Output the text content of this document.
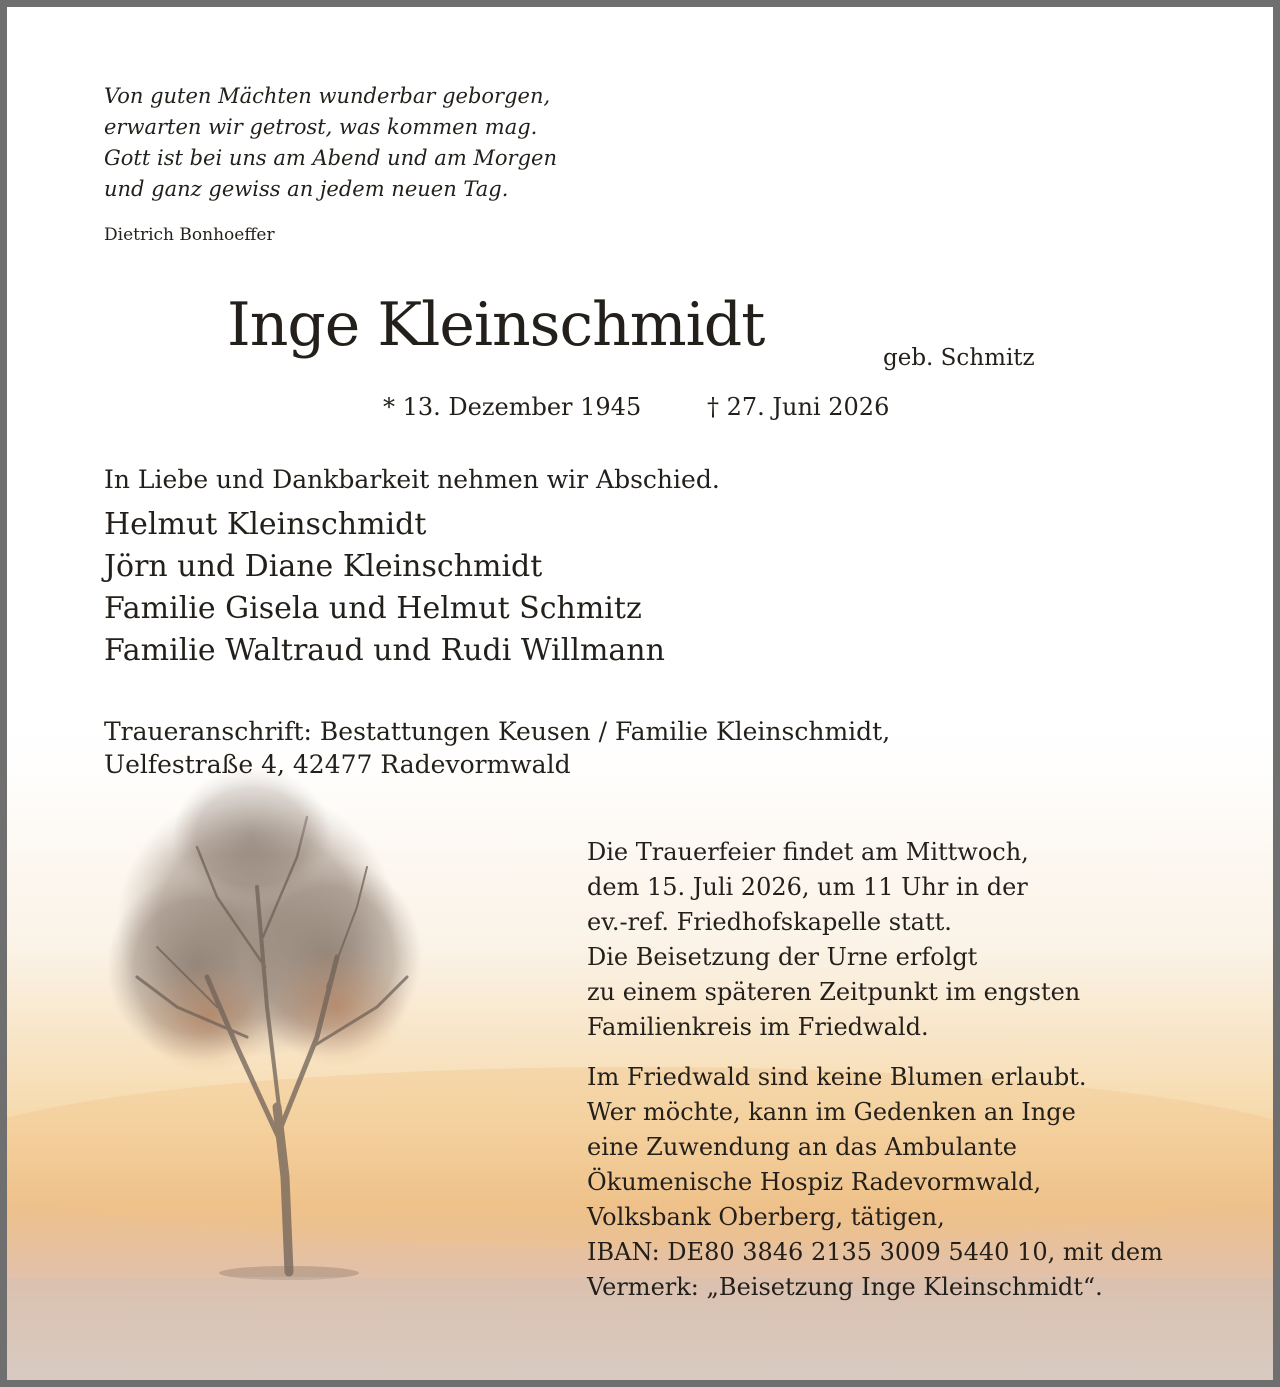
Von guten Mächten wunderbar geborgen,
erwarten wir getrost, was kommen mag.
Gott ist bei uns am Abend und am Morgen
und ganz gewiss an jedem neuen Tag.
Dietrich Bonhoeffer
Inge Kleinschmidt	geb. Schmitz
* 13. Dezember 1945	† 27. Juni 2026
In Liebe und Dankbarkeit nehmen wir Abschied.
Helmut Kleinschmidt
Jörn und Diane Kleinschmidt
Familie Gisela und Helmut Schmitz
Familie Waltraud und Rudi Willmann
Traueranschrift: Bestattungen Keusen / Familie Kleinschmidt,
Uelfestraße 4, 42477 Radevormwald
Die Trauerfeier findet am Mittwoch,
dem 15. Juli 2026, um 11 Uhr in der
ev.-ref. Friedhofskapelle statt.
Die Beisetzung der Urne erfolgt
zu einem späteren Zeitpunkt im engsten
Familienkreis im Friedwald.
Im Friedwald sind keine Blumen erlaubt.
Wer möchte, kann im Gedenken an Inge
eine Zuwendung an das Ambulante
Ökumenische Hospiz Radevormwald,
Volksbank Oberberg, tätigen,
IBAN: DE80 3846 2135 3009 5440 10, mit dem
Vermerk: „Beisetzung Inge Kleinschmidt“.
